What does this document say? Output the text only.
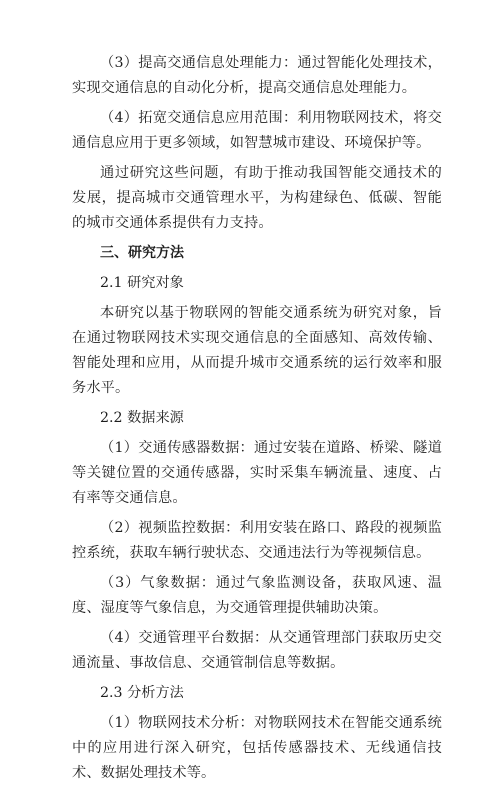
（3）提高交通信息处理能力：通过智能化处理技术，实现交通信息的自动化分析，提高交通信息处理能力。

（4）拓宽交通信息应用范围：利用物联网技术，将交通信息应用于更多领域，如智慧城市建设、环境保护等。

通过研究这些问题，有助于推动我国智能交通技术的发展，提高城市交通管理水平，为构建绿色、低碳、智能的城市交通体系提供有力支持。

三、研究方法

2.1 研究对象

本研究以基于物联网的智能交通系统为研究对象，旨在通过物联网技术实现交通信息的全面感知、高效传输、智能处理和应用，从而提升城市交通系统的运行效率和服务水平。

2.2 数据来源

（1）交通传感器数据：通过安装在道路、桥梁、隧道等关键位置的交通传感器，实时采集车辆流量、速度、占有率等交通信息。

（2）视频监控数据：利用安装在路口、路段的视频监控系统，获取车辆行驶状态、交通违法行为等视频信息。

（3）气象数据：通过气象监测设备，获取风速、温度、湿度等气象信息，为交通管理提供辅助决策。

（4）交通管理平台数据：从交通管理部门获取历史交通流量、事故信息、交通管制信息等数据。

2.3 分析方法

（1）物联网技术分析：对物联网技术在智能交通系统中的应用进行深入研究，包括传感器技术、无线通信技术、数据处理技术等。
